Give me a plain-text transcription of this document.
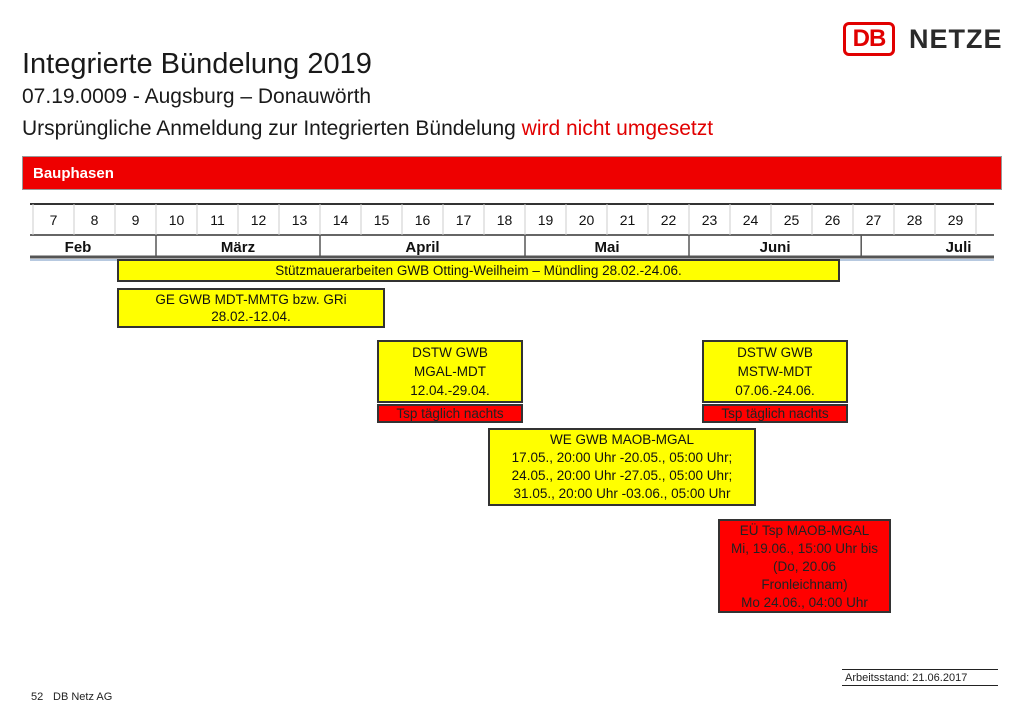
Integrierte Bündelung 2019
07.19.0009 - Augsburg – Donauwörth
Ursprüngliche Anmeldung zur Integrierten Bündelung wird nicht umgesetzt
DB NETZE
Bauphasen
7 8 9 10 11 12 13 14 15 16 17 18 19 20 21 22 23 24 25 26 27 28 29
Feb	März	April	Mai	Juni	Juli
Stützmauerarbeiten GWB Otting-Weilheim – Mündling 28.02.-24.06.
GE GWB MDT-MMTG bzw. GRi
28.02.-12.04.
DSTW GWB
MGAL-MDT
12.04.-29.04.
Tsp täglich nachts
DSTW GWB
MSTW-MDT
07.06.-24.06.
Tsp täglich nachts
WE GWB MAOB-MGAL
17.05., 20:00 Uhr -20.05., 05:00 Uhr;
24.05., 20:00 Uhr -27.05., 05:00 Uhr;
31.05., 20:00 Uhr -03.06., 05:00 Uhr
EÜ Tsp MAOB-MGAL
Mi, 19.06., 15:00 Uhr bis
(Do, 20.06
Fronleichnam)
Mo 24.06., 04:00 Uhr
Arbeitsstand: 21.06.2017
52 DB Netz AG
